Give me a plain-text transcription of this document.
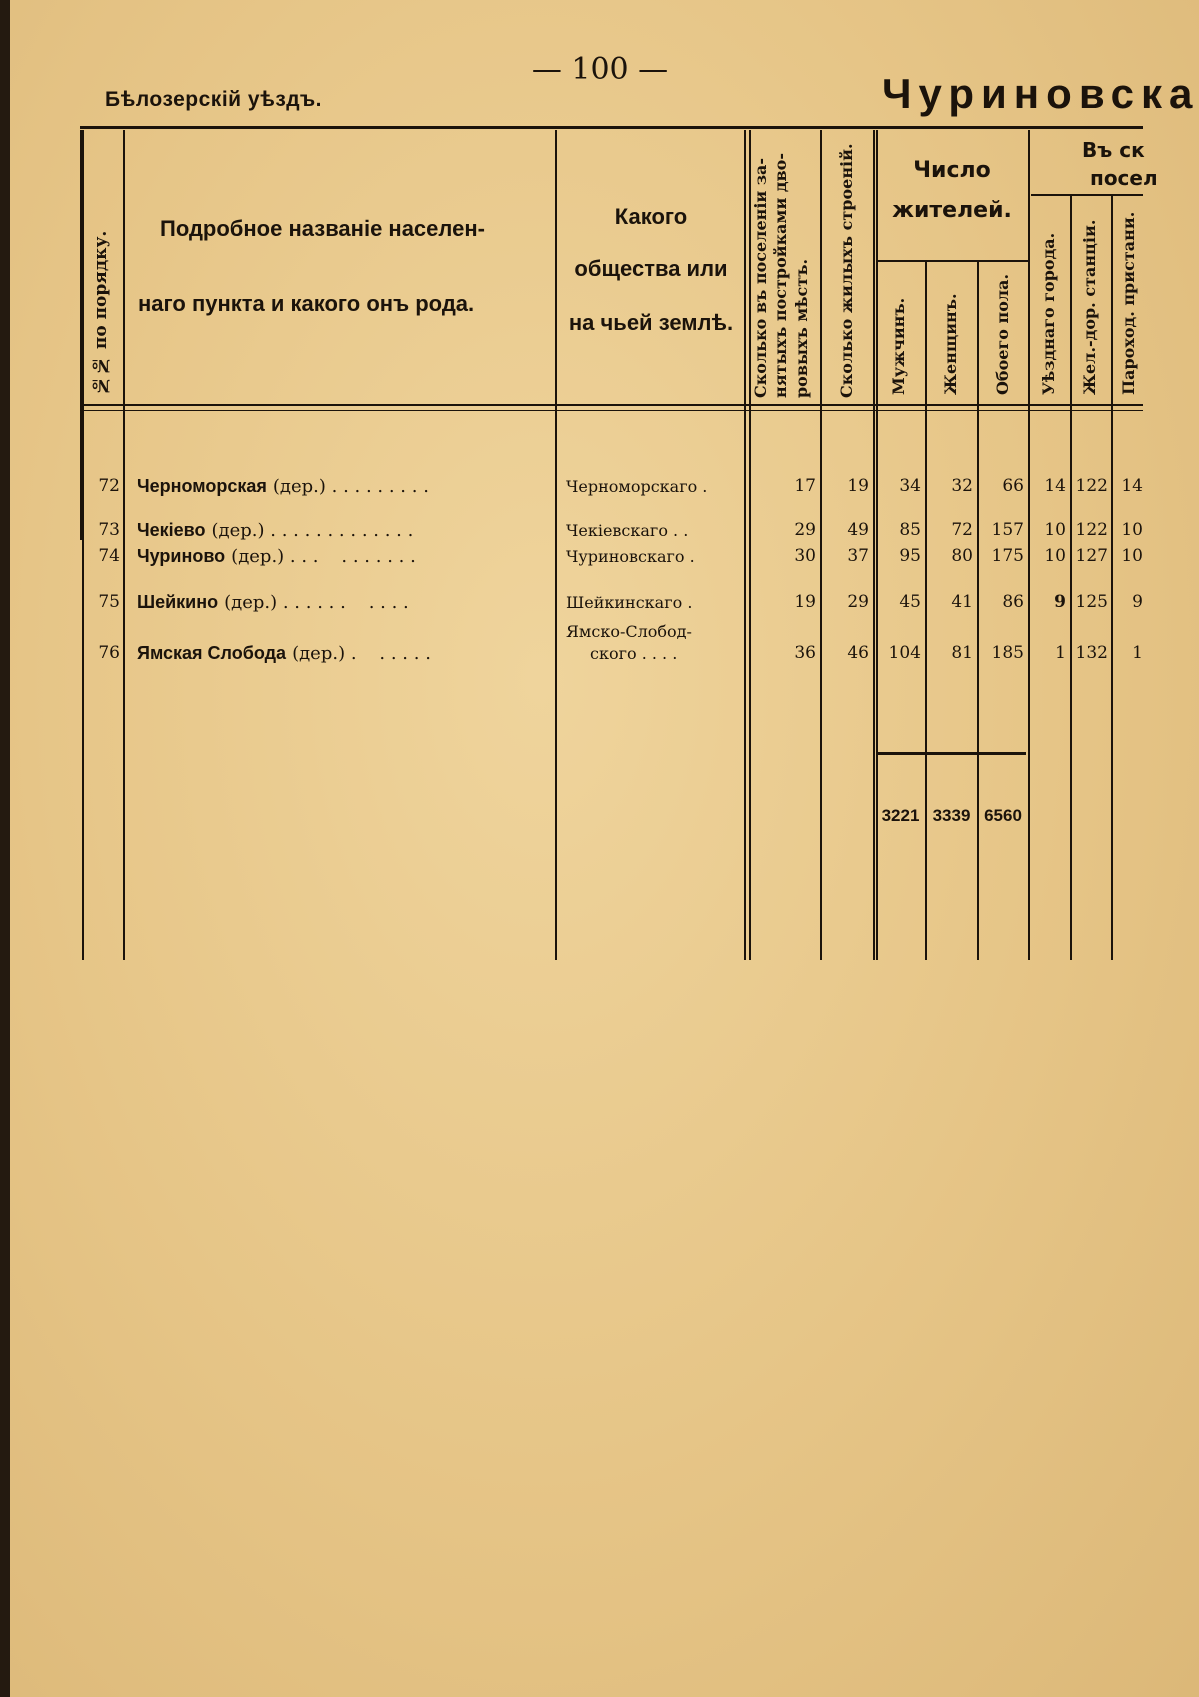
— 100 —
Бѣлозерскій уѣздъ.	Чуриновска
№№ по порядку.
Подробное названіе населен-
наго пункта и какого онъ рода.
Какого
общества или
на чьей землѣ.	Сколько въ поселеніи за- нятыхъ постройками дво- ровыхъ мѣстъ. Сколько жилыхъ строеній.	Число
жителей.
Мужчинъ. Женщинъ. Обоего пола.
Въ ск
посел
Уѣзднаго города. Жел.-дор. станціи. Пароход. пристани.
72 Черноморская (дер.) . . . . . . . . .	Черноморскаго .	17	19	34	32	66	14 122 14
73 Чекіево (дер.) . . . . . . . . . . . . .	Чекіевскаго . .	29	49	85	72	157	10 122 10
74 Чуриново (дер.) . . .    . . . . . . .	Чуриновскаго .	30	37	95	80	175	10 127 10
75 Шейкино (дер.) . . . . . .    . . . .	Шейкинскаго .	19	29	45	41	86	9 125	9
76 Ямская Слобода (дер.) .    . . . . .
Ямско-Слобод-
ского . . . .	36	46	104	81	185	1 132	1
3221 3339 6560
